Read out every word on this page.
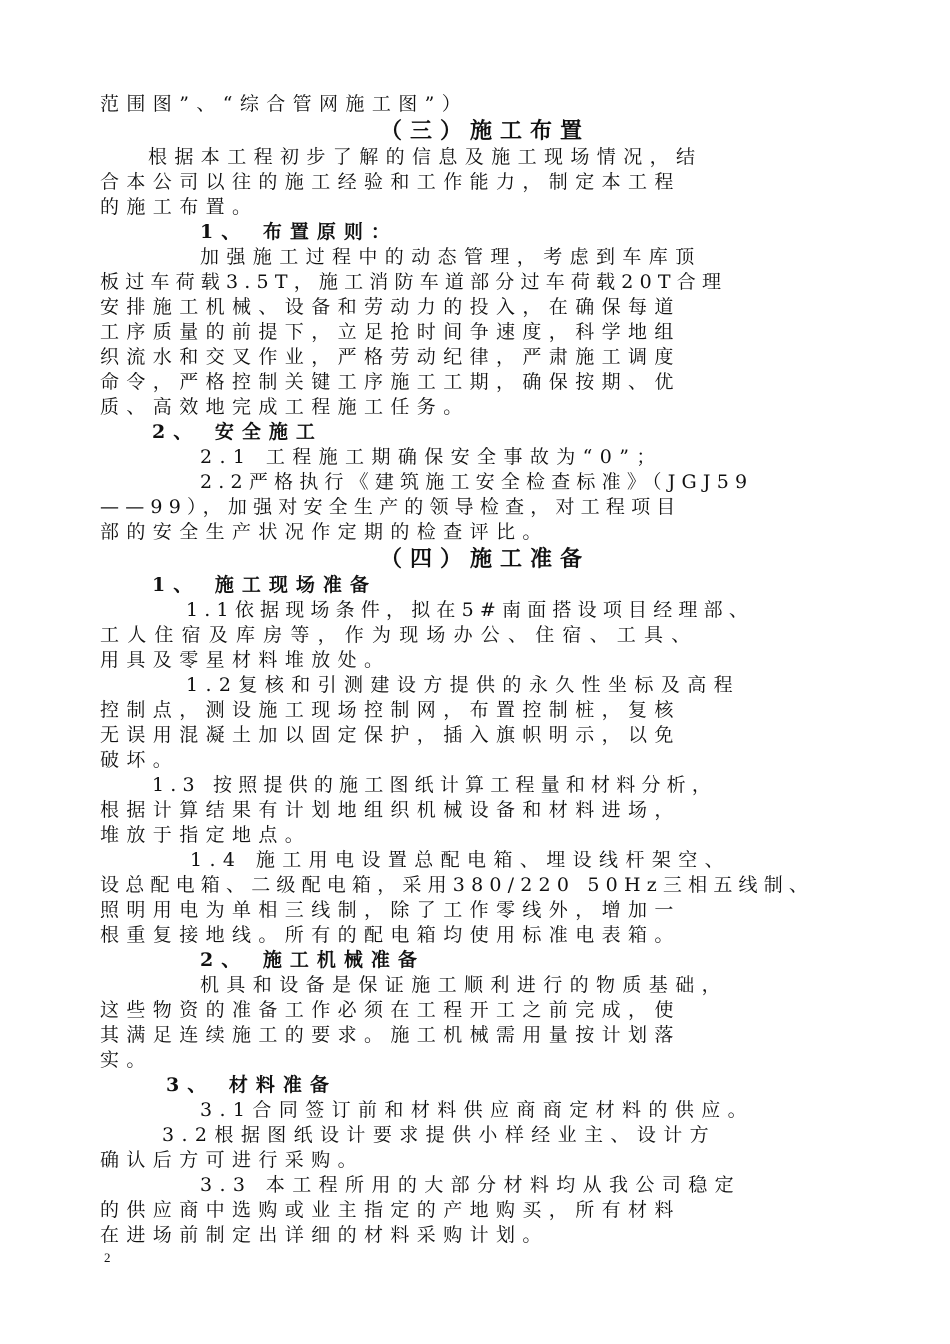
范围图”、“综合管网施工图”）
（三）施工布置
根据本工程初步了解的信息及施工现场情况，结
合本公司以往的施工经验和工作能力，制定本工程
的施工布置。
1、 布置原则：
加强施工过程中的动态管理，考虑到车库顶
板过车荷载3.5T，施工消防车道部分过车荷载20T合理
安排施工机械、设备和劳动力的投入，在确保每道
工序质量的前提下，立足抢时间争速度，科学地组
织流水和交叉作业，严格劳动纪律，严肃施工调度
命令，严格控制关键工序施工工期，确保按期、优
质、高效地完成工程施工任务。
2、 安全施工
2.1 工程施工期确保安全事故为“0”；
2.2严格执行《建筑施工安全检查标准》（JGJ59
——99），加强对安全生产的领导检查，对工程项目
部的安全生产状况作定期的检查评比。
（四）施工准备
1、 施工现场准备
1.1依据现场条件，拟在5#南面搭设项目经理部、
工人住宿及库房等，作为现场办公、住宿、工具、
用具及零星材料堆放处。
1.2复核和引测建设方提供的永久性坐标及高程
控制点，测设施工现场控制网，布置控制桩，复核
无误用混凝土加以固定保护，插入旗帜明示，以免
破坏。
1.3 按照提供的施工图纸计算工程量和材料分析，
根据计算结果有计划地组织机械设备和材料进场，
堆放于指定地点。
1.4 施工用电设置总配电箱、埋设线杆架空、
设总配电箱、二级配电箱，采用380/220 50Hz三相五线制、
照明用电为单相三线制，除了工作零线外，增加一
根重复接地线。所有的配电箱均使用标准电表箱。
2、 施工机械准备
机具和设备是保证施工顺利进行的物质基础，
这些物资的准备工作必须在工程开工之前完成，使
其满足连续施工的要求。施工机械需用量按计划落
实。
3、 材料准备
3.1合同签订前和材料供应商商定材料的供应。
3.2根据图纸设计要求提供小样经业主、设计方
确认后方可进行采购。
3.3 本工程所用的大部分材料均从我公司稳定
的供应商中选购或业主指定的产地购买，所有材料
在进场前制定出详细的材料采购计划。
2
